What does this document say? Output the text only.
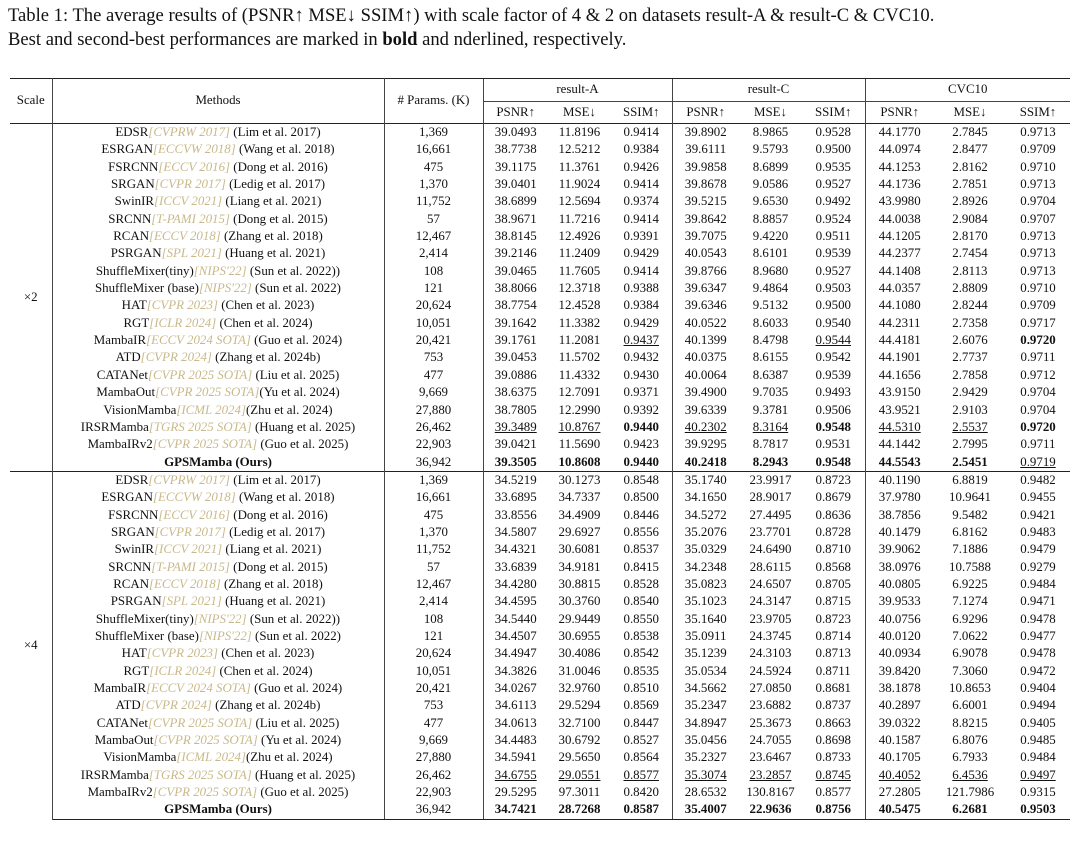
Table 1: The average results of (PSNR↑ MSE↓ SSIM↑) with scale factor of 4 & 2 on datasets result-A & result-C & CVC10.
Best and second-best performances are marked in bold and nderlined, respectively.
Scale	Methods	# Params. (K)	result-A			result-C			CVC10		
			PSNR↑	MSE↓	SSIM↑	PSNR↑	MSE↓	SSIM↑	PSNR↑	MSE↓	SSIM↑
×2	EDSR[CVPRW 2017] (Lim et al. 2017)	1,369	39.0493	11.8196	0.9414	39.8902	8.9865	0.9528	44.1770	2.7845	0.9713
	ESRGAN[ECCVW 2018] (Wang et al. 2018)	16,661	38.7738	12.5212	0.9384	39.6111	9.5793	0.9500	44.0974	2.8477	0.9709
	FSRCNN[ECCV 2016] (Dong et al. 2016)	475	39.1175	11.3761	0.9426	39.9858	8.6899	0.9535	44.1253	2.8162	0.9710
	SRGAN[CVPR 2017] (Ledig et al. 2017)	1,370	39.0401	11.9024	0.9414	39.8678	9.0586	0.9527	44.1736	2.7851	0.9713
	SwinIR[ICCV 2021] (Liang et al. 2021)	11,752	38.6899	12.5694	0.9374	39.5215	9.6530	0.9492	43.9980	2.8926	0.9704
	SRCNN[T-PAMI 2015] (Dong et al. 2015)	57	38.9671	11.7216	0.9414	39.8642	8.8857	0.9524	44.0038	2.9084	0.9707
	RCAN[ECCV 2018] (Zhang et al. 2018)	12,467	38.8145	12.4926	0.9391	39.7075	9.4220	0.9511	44.1205	2.8170	0.9713
	PSRGAN[SPL 2021] (Huang et al. 2021)	2,414	39.2146	11.2409	0.9429	40.0543	8.6101	0.9539	44.2377	2.7454	0.9713
	ShuffleMixer(tiny)[NIPS'22] (Sun et al. 2022))	108	39.0465	11.7605	0.9414	39.8766	8.9680	0.9527	44.1408	2.8113	0.9713
	ShuffleMixer (base)[NIPS'22] (Sun et al. 2022)	121	38.8066	12.3718	0.9388	39.6347	9.4864	0.9503	44.0357	2.8809	0.9710
	HAT[CVPR 2023] (Chen et al. 2023)	20,624	38.7754	12.4528	0.9384	39.6346	9.5132	0.9500	44.1080	2.8244	0.9709
	RGT[ICLR 2024] (Chen et al. 2024)	10,051	39.1642	11.3382	0.9429	40.0522	8.6033	0.9540	44.2311	2.7358	0.9717
	MambaIR[ECCV 2024 SOTA] (Guo et al. 2024)	20,421	39.1761	11.2081	0.9437	40.1399	8.4798	0.9544	44.4181	2.6076	0.9720
	ATD[CVPR 2024] (Zhang et al. 2024b)	753	39.0453	11.5702	0.9432	40.0375	8.6155	0.9542	44.1901	2.7737	0.9711
	CATANet[CVPR 2025 SOTA] (Liu et al. 2025)	477	39.0886	11.4332	0.9430	40.0064	8.6387	0.9539	44.1656	2.7858	0.9712
	MambaOut[CVPR 2025 SOTA](Yu et al. 2024)	9,669	38.6375	12.7091	0.9371	39.4900	9.7035	0.9493	43.9150	2.9429	0.9704
	VisionMamba[ICML 2024](Zhu et al. 2024)	27,880	38.7805	12.2990	0.9392	39.6339	9.3781	0.9506	43.9521	2.9103	0.9704
	IRSRMamba[TGRS 2025 SOTA] (Huang et al. 2025)	26,462	39.3489	10.8767	0.9440	40.2302	8.3164	0.9548	44.5310	2.5537	0.9720
	MambaIRv2[CVPR 2025 SOTA] (Guo et al. 2025)	22,903	39.0421	11.5690	0.9423	39.9295	8.7817	0.9531	44.1442	2.7995	0.9711
	GPSMamba (Ours)	36,942	39.3505	10.8608	0.9440	40.2418	8.2943	0.9548	44.5543	2.5451	0.9719
×4	EDSR[CVPRW 2017] (Lim et al. 2017)	1,369	34.5219	30.1273	0.8548	35.1740	23.9917	0.8723	40.1190	6.8819	0.9482
	ESRGAN[ECCVW 2018] (Wang et al. 2018)	16,661	33.6895	34.7337	0.8500	34.1650	28.9017	0.8679	37.9780	10.9641	0.9455
	FSRCNN[ECCV 2016] (Dong et al. 2016)	475	33.8556	34.4909	0.8446	34.5272	27.4495	0.8636	38.7856	9.5482	0.9421
	SRGAN[CVPR 2017] (Ledig et al. 2017)	1,370	34.5807	29.6927	0.8556	35.2076	23.7701	0.8728	40.1479	6.8162	0.9483
	SwinIR[ICCV 2021] (Liang et al. 2021)	11,752	34.4321	30.6081	0.8537	35.0329	24.6490	0.8710	39.9062	7.1886	0.9479
	SRCNN[T-PAMI 2015] (Dong et al. 2015)	57	33.6839	34.9181	0.8415	34.2348	28.6115	0.8568	38.0976	10.7588	0.9279
	RCAN[ECCV 2018] (Zhang et al. 2018)	12,467	34.4280	30.8815	0.8528	35.0823	24.6507	0.8705	40.0805	6.9225	0.9484
	PSRGAN[SPL 2021] (Huang et al. 2021)	2,414	34.4595	30.3760	0.8540	35.1023	24.3147	0.8715	39.9533	7.1274	0.9471
	ShuffleMixer(tiny)[NIPS'22] (Sun et al. 2022))	108	34.5440	29.9449	0.8550	35.1640	23.9705	0.8723	40.0756	6.9296	0.9478
	ShuffleMixer (base)[NIPS'22] (Sun et al. 2022)	121	34.4507	30.6955	0.8538	35.0911	24.3745	0.8714	40.0120	7.0622	0.9477
	HAT[CVPR 2023] (Chen et al. 2023)	20,624	34.4947	30.4086	0.8542	35.1239	24.3103	0.8713	40.0934	6.9078	0.9478
	RGT[ICLR 2024] (Chen et al. 2024)	10,051	34.3826	31.0046	0.8535	35.0534	24.5924	0.8711	39.8420	7.3060	0.9472
	MambaIR[ECCV 2024 SOTA] (Guo et al. 2024)	20,421	34.0267	32.9760	0.8510	34.5662	27.0850	0.8681	38.1878	10.8653	0.9404
	ATD[CVPR 2024] (Zhang et al. 2024b)	753	34.6113	29.5294	0.8569	35.2347	23.6882	0.8737	40.2897	6.6001	0.9494
	CATANet[CVPR 2025 SOTA] (Liu et al. 2025)	477	34.0613	32.7100	0.8447	34.8947	25.3673	0.8663	39.0322	8.8215	0.9405
	MambaOut[CVPR 2025 SOTA] (Yu et al. 2024)	9,669	34.4483	30.6792	0.8527	35.0456	24.7055	0.8698	40.1587	6.8076	0.9485
	VisionMamba[ICML 2024](Zhu et al. 2024)	27,880	34.5941	29.5650	0.8564	35.2327	23.6467	0.8733	40.1705	6.7933	0.9484
	IRSRMamba[TGRS 2025 SOTA] (Huang et al. 2025)	26,462	34.6755	29.0551	0.8577	35.3074	23.2857	0.8745	40.4052	6.4536	0.9497
	MambaIRv2[CVPR 2025 SOTA] (Guo et al. 2025)	22,903	29.5295	97.3011	0.8420	28.6532	130.8167	0.8577	27.2805	121.7986	0.9315
	GPSMamba (Ours)	36,942	34.7421	28.7268	0.8587	35.4007	22.9636	0.8756	40.5475	6.2681	0.9503
